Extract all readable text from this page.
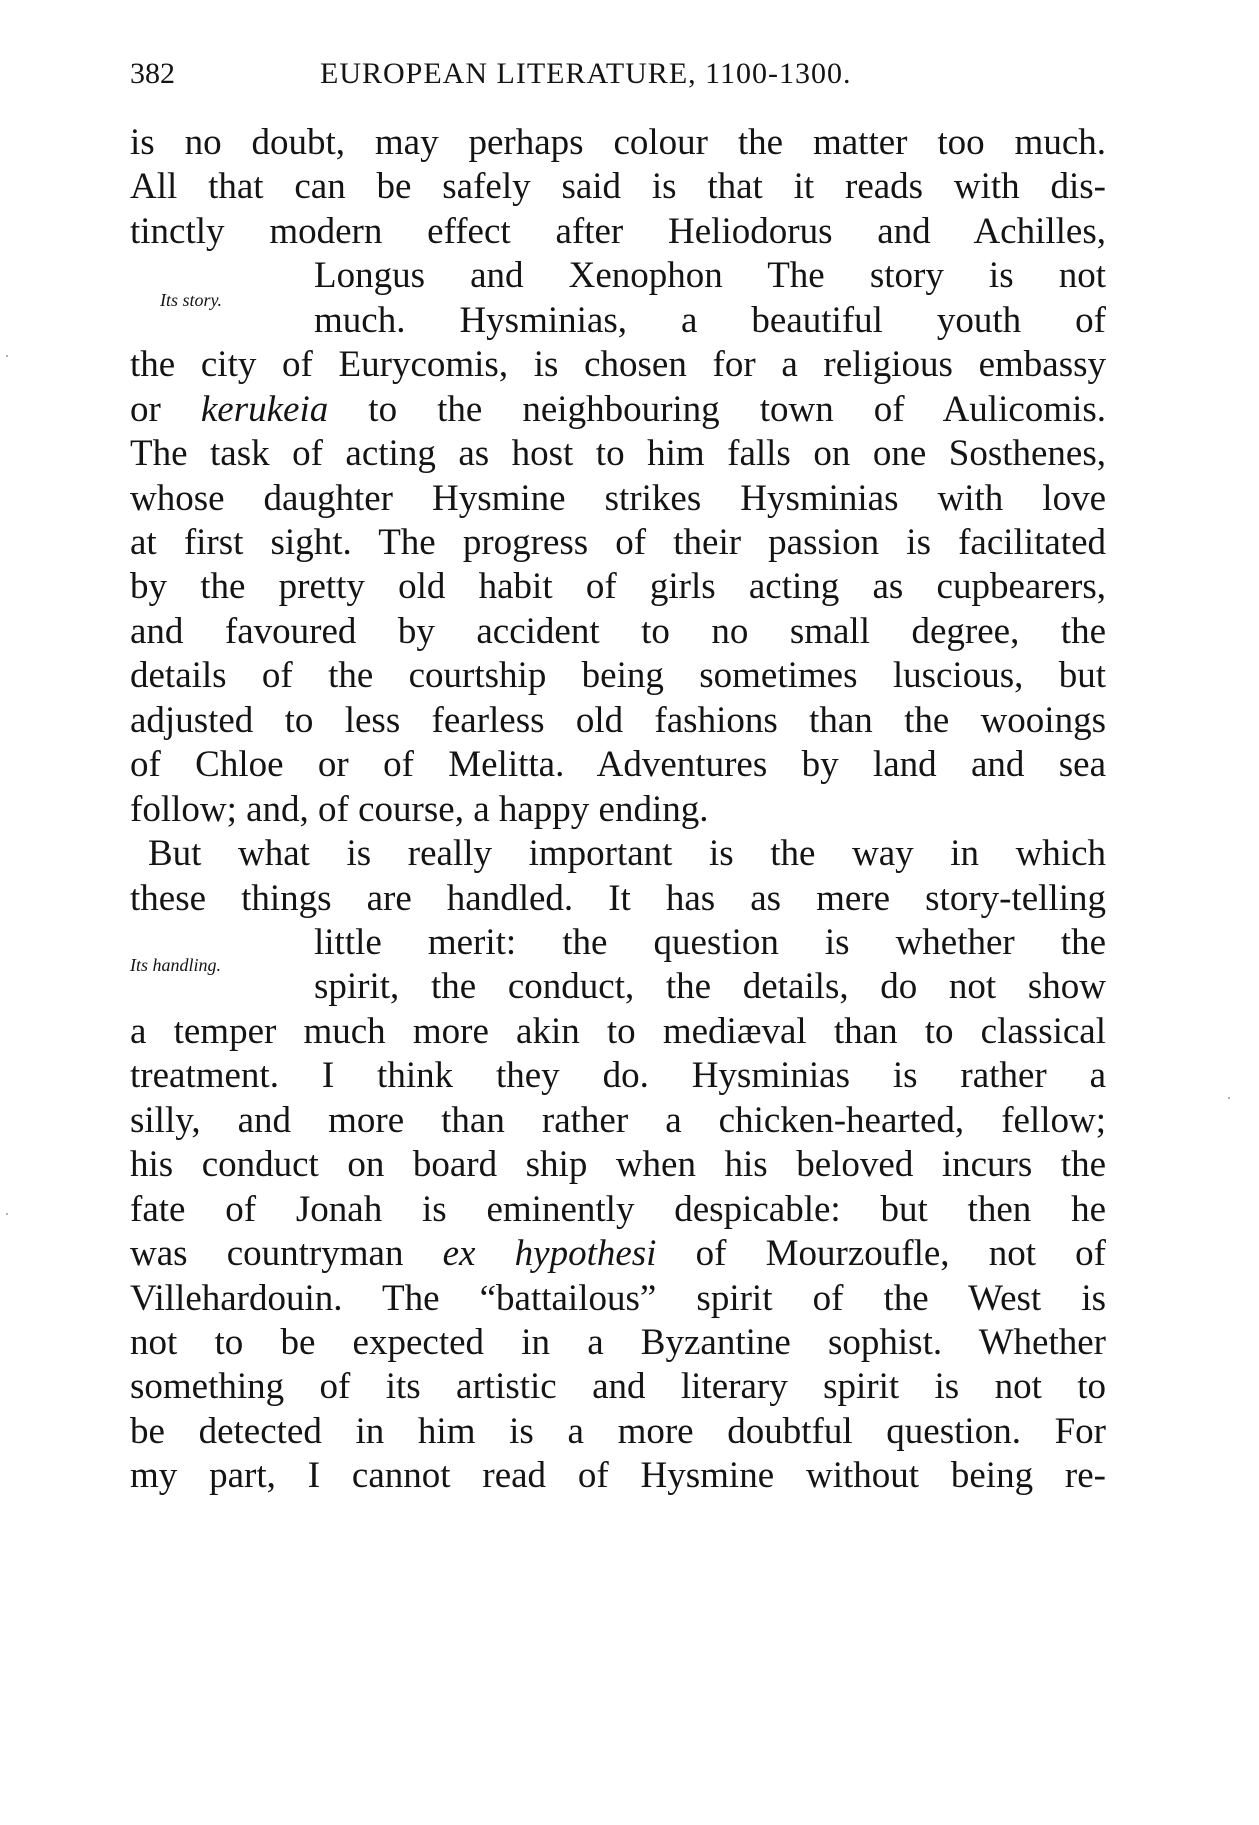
382	EUROPEAN LITERATURE, 1100-1300.
Its story.
Its handling.
is no doubt, may perhaps colour the matter too much.
All that can be safely said is that it reads with dis-
tinctly modern effect after Heliodorus and Achilles,
Longus and Xenophon The story is not
much. Hysminias, a beautiful youth of
the city of Eurycomis, is chosen for a religious embassy
or kerukeia to the neighbouring town of Aulicomis.
The task of acting as host to him falls on one Sosthenes,
whose daughter Hysmine strikes Hysminias with love
at first sight. The progress of their passion is facilitated
by the pretty old habit of girls acting as cupbearers,
and favoured by accident to no small degree, the
details of the courtship being sometimes luscious, but
adjusted to less fearless old fashions than the wooings
of Chloe or of Melitta. Adventures by land and sea
follow; and, of course, a happy ending.
But what is really important is the way in which
these things are handled. It has as mere story-telling
little merit: the question is whether the
spirit, the conduct, the details, do not show
a temper much more akin to mediæval than to classical
treatment. I think they do. Hysminias is rather a
silly, and more than rather a chicken-hearted, fellow;
his conduct on board ship when his beloved incurs the
fate of Jonah is eminently despicable: but then he
was countryman ex hypothesi of Mourzoufle, not of
Villehardouin. The “battailous” spirit of the West is
not to be expected in a Byzantine sophist. Whether
something of its artistic and literary spirit is not to
be detected in him is a more doubtful question. For
my part, I cannot read of Hysmine without being re-
